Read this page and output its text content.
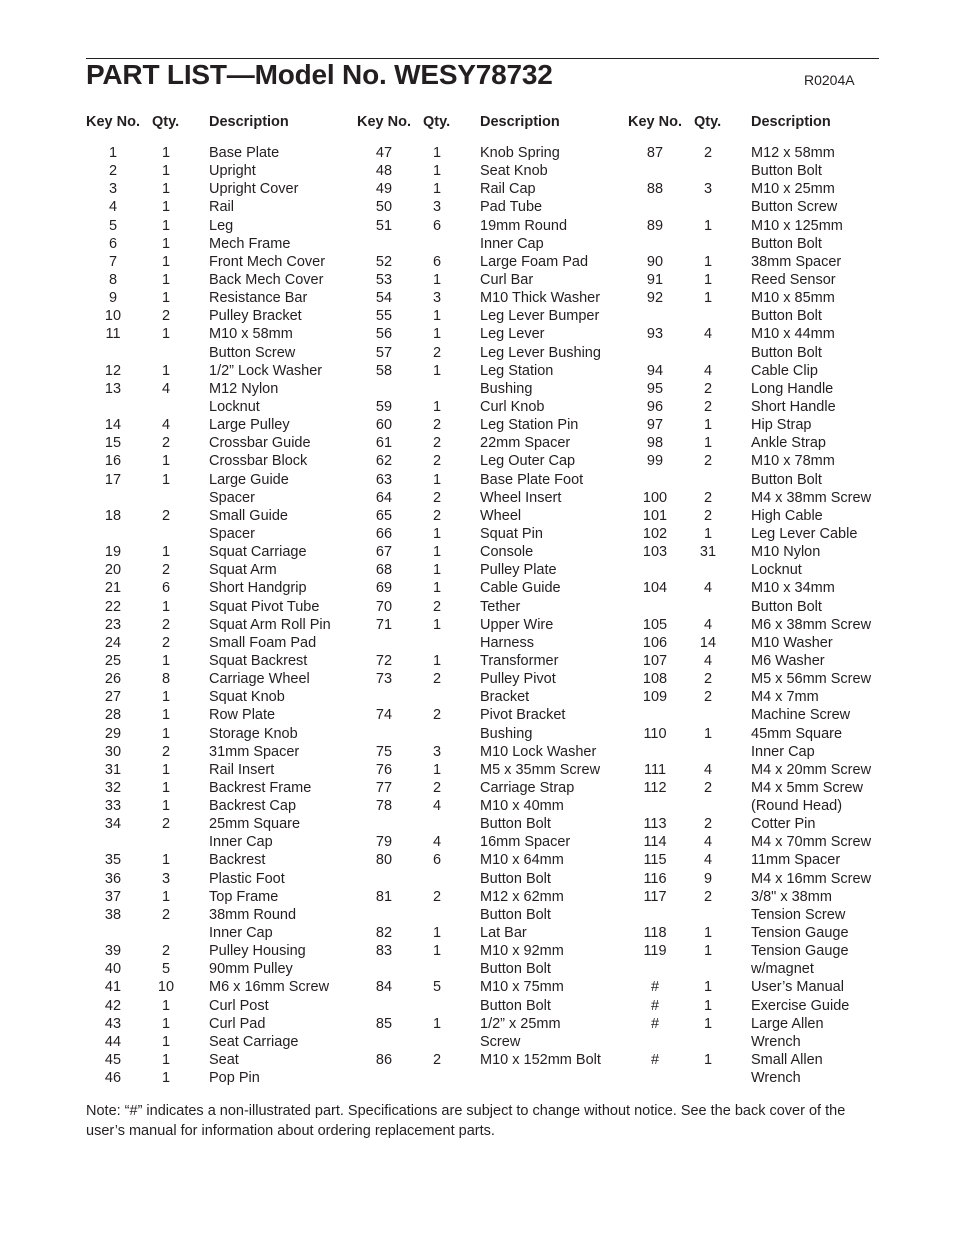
PART LIST—Model No. WESY78732	R0204A
Key No. Qty. Description	Key No. Qty. Description	Key No. Qty. Description
1	1	Base Plate
2	1	Upright
3	1	Upright Cover
4	1	Rail
5	1	Leg
6	1	Mech Frame
7	1	Front Mech Cover
8	1	Back Mech Cover
9	1	Resistance Bar
10	2	Pulley Bracket
11	1	M10 x 58mm
Button Screw
12	1	1/2” Lock Washer
13	4	M12 Nylon
Locknut
14	4	Large Pulley
15	2	Crossbar Guide
16	1	Crossbar Block
17	1	Large Guide
Spacer
18	2	Small Guide
Spacer
19	1	Squat Carriage
20	2	Squat Arm
21	6	Short Handgrip
22	1	Squat Pivot Tube
23	2	Squat Arm Roll Pin
24	2	Small Foam Pad
25	1	Squat Backrest
26	8	Carriage Wheel
27	1	Squat Knob
28	1	Row Plate
29	1	Storage Knob
30	2	31mm Spacer
31	1	Rail Insert
32	1	Backrest Frame
33	1	Backrest Cap
34	2	25mm Square
Inner Cap
35	1	Backrest
36	3	Plastic Foot
37	1	Top Frame
38	2	38mm Round
Inner Cap
39	2	Pulley Housing
40	5	90mm Pulley
41	10	M6 x 16mm Screw
42	1	Curl Post
43	1	Curl Pad
44	1	Seat Carriage
45	1	Seat
46	1	Pop Pin
47	1	Knob Spring
48	1	Seat Knob
49	1	Rail Cap
50	3	Pad Tube
51	6	19mm Round
Inner Cap
52	6	Large Foam Pad
53	1	Curl Bar
54	3	M10 Thick Washer
55	1	Leg Lever Bumper
56	1	Leg Lever
57	2	Leg Lever Bushing
58	1	Leg Station
Bushing
59	1	Curl Knob
60	2	Leg Station Pin
61	2	22mm Spacer
62	2	Leg Outer Cap
63	1	Base Plate Foot
64	2	Wheel Insert
65	2	Wheel
66	1	Squat Pin
67	1	Console
68	1	Pulley Plate
69	1	Cable Guide
70	2	Tether
71	1	Upper Wire
Harness
72	1	Transformer
73	2	Pulley Pivot
Bracket
74	2	Pivot Bracket
Bushing
75	3	M10 Lock Washer
76	1	M5 x 35mm Screw
77	2	Carriage Strap
78	4	M10 x 40mm
Button Bolt
79	4	16mm Spacer
80	6	M10 x 64mm
Button Bolt
81	2	M12 x 62mm
Button Bolt
82	1	Lat Bar
83	1	M10 x 92mm
Button Bolt
84	5	M10 x 75mm
Button Bolt
85	1	1/2” x 25mm
Screw
86	2	M10 x 152mm Bolt
87	2	M12 x 58mm
Button Bolt
88	3	M10 x 25mm
Button Screw
89	1	M10 x 125mm
Button Bolt
90	1	38mm Spacer
91	1	Reed Sensor
92	1	M10 x 85mm
Button Bolt
93	4	M10 x 44mm
Button Bolt
94	4	Cable Clip
95	2	Long Handle
96	2	Short Handle
97	1	Hip Strap
98	1	Ankle Strap
99	2	M10 x 78mm
Button Bolt
100	2	M4 x 38mm Screw
101	2	High Cable
102	1	Leg Lever Cable
103	31	M10 Nylon
Locknut
104	4	M10 x 34mm
Button Bolt
105	4	M6 x 38mm Screw
106	14	M10 Washer
107	4	M6 Washer
108	2	M5 x 56mm Screw
109	2	M4 x 7mm
Machine Screw
110	1	45mm Square
Inner Cap
111	4	M4 x 20mm Screw
112	2	M4 x 5mm Screw
(Round Head)
113	2	Cotter Pin
114	4	M4 x 70mm Screw
115	4	11mm Spacer
116	9	M4 x 16mm Screw
117	2	3/8" x 38mm
Tension Screw
118	1	Tension Gauge
119	1	Tension Gauge
w/magnet
#	1	User’s Manual
#	1	Exercise Guide
#	1	Large Allen
Wrench
#	1	Small Allen
Wrench
Note: “#” indicates a non-illustrated part. Specifications are subject to change without notice. See the back cover of the user’s manual for information about ordering replacement parts.
